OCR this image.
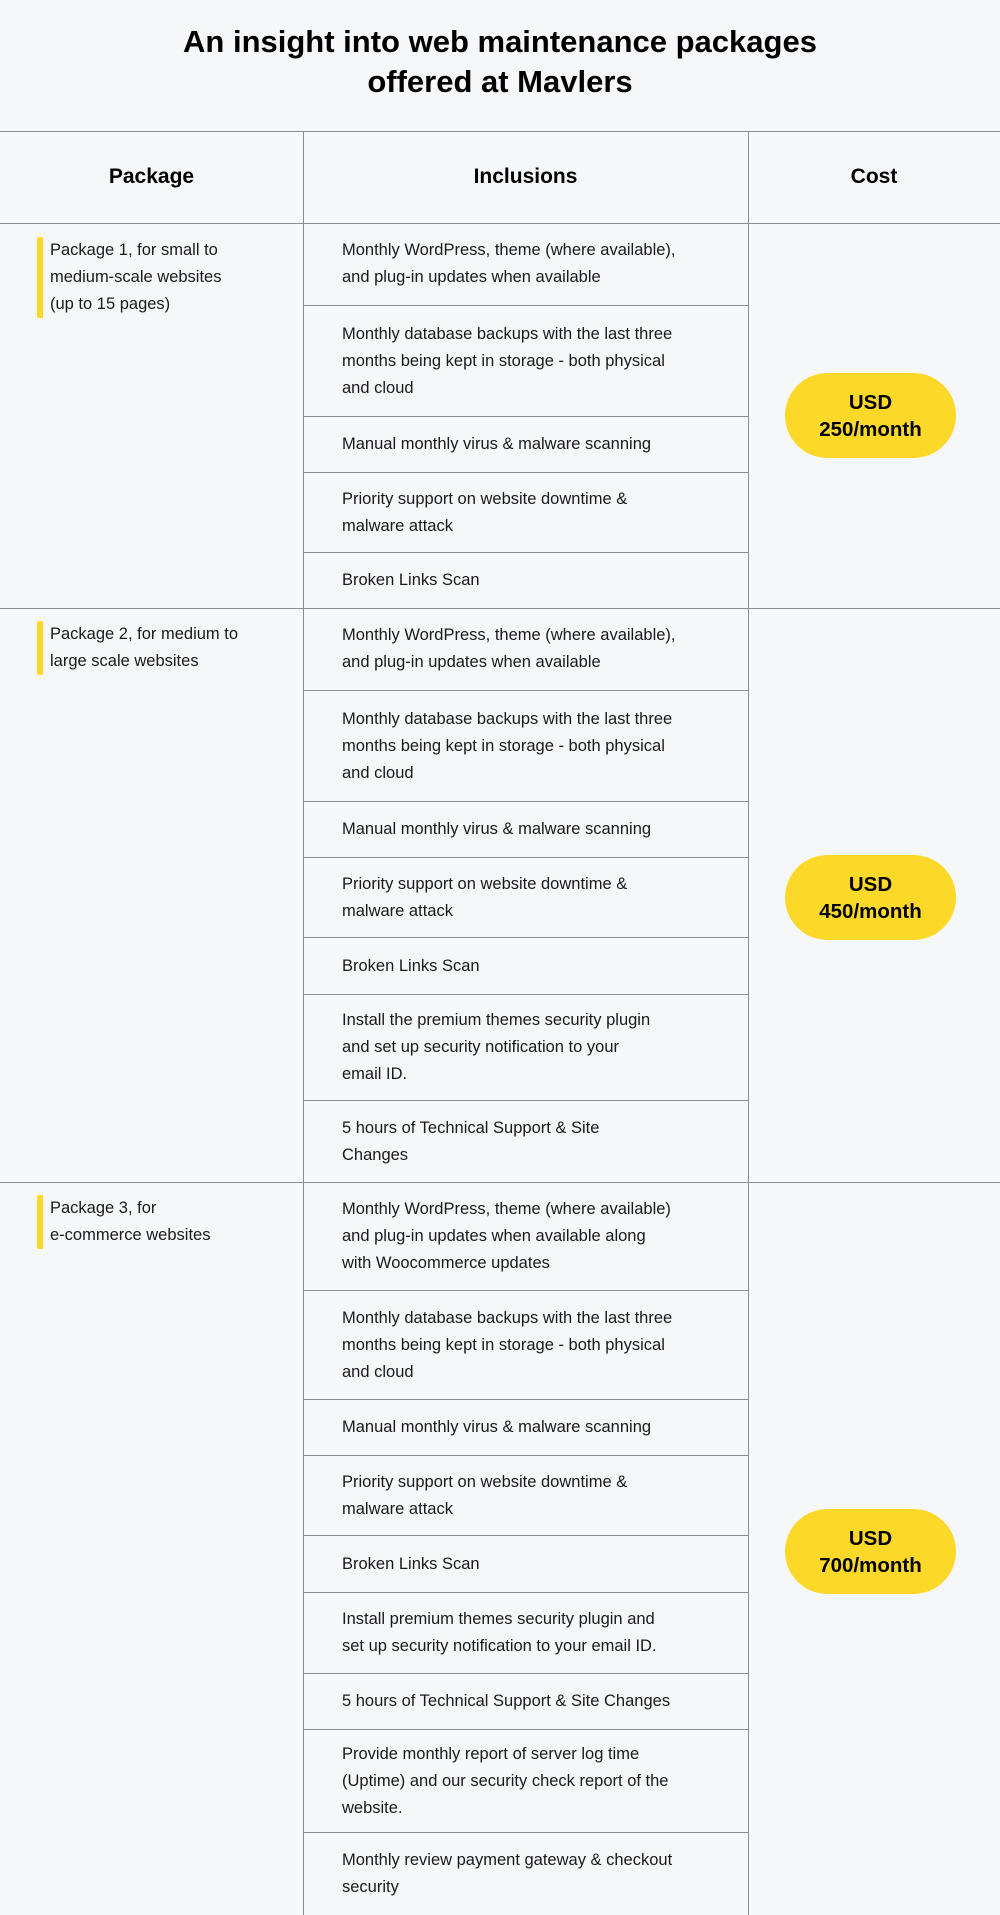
An insight into web maintenance packages
offered at Mavlers
Package	Inclusions	Cost
Package 1, for small to
medium-scale websites
(up to 15 pages)
USD
250/month
Monthly WordPress, theme (where available),
and plug-in updates when available
Monthly database backups with the last three
months being kept in storage - both physical
and cloud
Manual monthly virus & malware scanning
Priority support on website downtime &
malware attack
Broken Links Scan
Package 2, for medium to
large scale websites
USD
450/month
Monthly WordPress, theme (where available),
and plug-in updates when available
Monthly database backups with the last three
months being kept in storage - both physical
and cloud
Manual monthly virus & malware scanning
Priority support on website downtime &
malware attack
Broken Links Scan
Install the premium themes security plugin
and set up security notification to your
email ID.
5 hours of Technical Support & Site
Changes
Package 3, for
e-commerce websites
USD
700/month
Monthly WordPress, theme (where available)
and plug-in updates when available along
with Woocommerce updates
Monthly database backups with the last three
months being kept in storage - both physical
and cloud
Manual monthly virus & malware scanning
Priority support on website downtime &
malware attack
Broken Links Scan
Install premium themes security plugin and
set up security notification to your email ID.
5 hours of Technical Support & Site Changes
Provide monthly report of server log time
(Uptime) and our security check report of the
website.
Monthly review payment gateway & checkout
security
